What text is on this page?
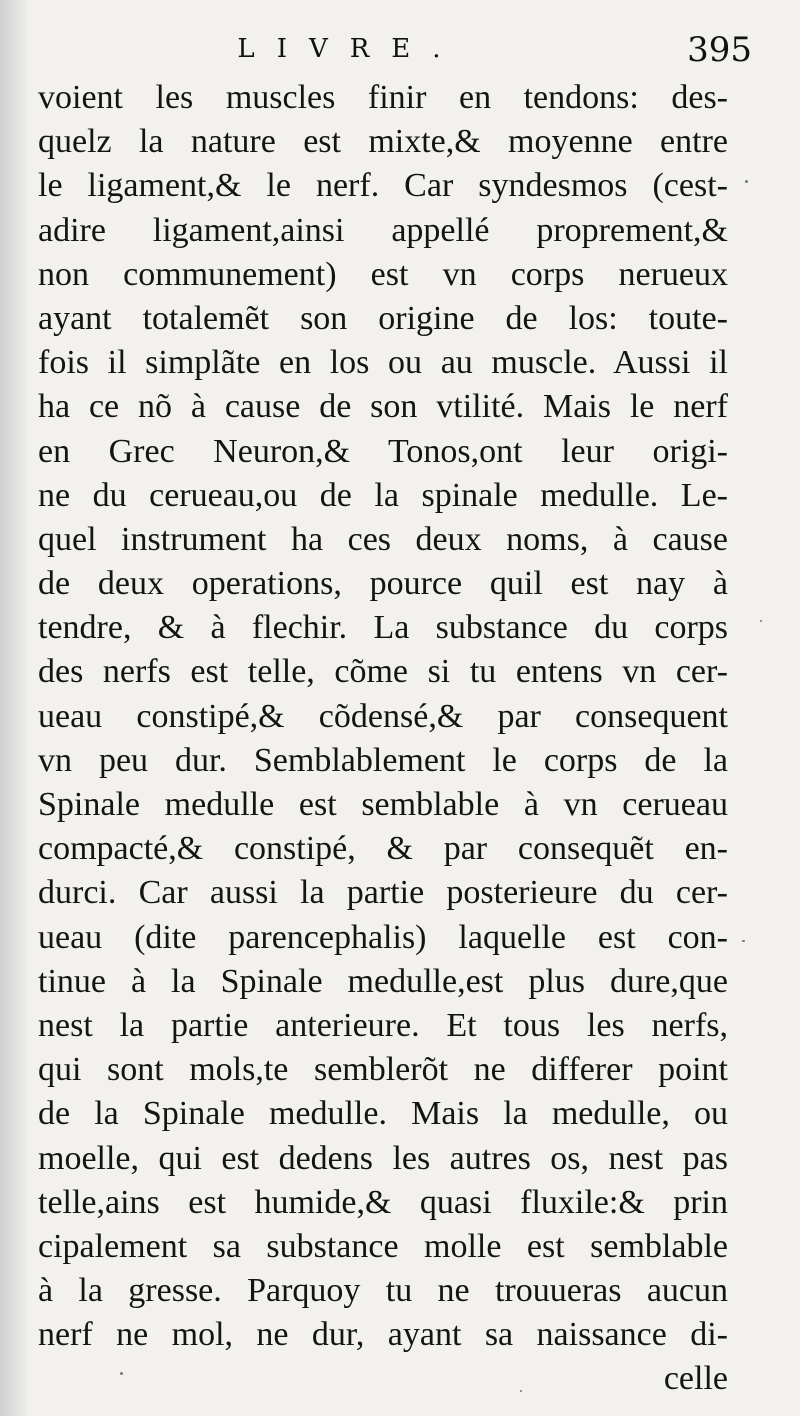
LIVRE.	395
voient les muscles finir en tendons: des-
quelz la nature est mixte,& moyenne entre
le ligament,& le nerf. Car syndesmos (cest-
adire ligament,ainsi appellé proprement,&
non communement) est vn corps nerueux
ayant totalemẽt son origine de los: toute-
fois il simplãte en los ou au muscle. Aussi il
ha ce nõ à cause de son vtilité. Mais le nerf
en Grec Neuron,& Tonos,ont leur origi-
ne du cerueau,ou de la spinale medulle. Le-
quel instrument ha ces deux noms, à cause
de deux operations, pource quil est nay à
tendre, & à flechir. La substance du corps
des nerfs est telle, cõme si tu entens vn cer-
ueau constipé,& cõdensé,& par consequent
vn peu dur. Semblablement le corps de la
Spinale medulle est semblable à vn cerueau
compacté,& constipé, & par consequẽt en-
durci. Car aussi la partie posterieure du cer-
ueau (dite parencephalis) laquelle est con-
tinue à la Spinale medulle,est plus dure,que
nest la partie anterieure. Et tous les nerfs,
qui sont mols,te semblerõt ne differer point
de la Spinale medulle. Mais la medulle, ou
moelle, qui est dedens les autres os, nest pas
telle,ains est humide,& quasi fluxile:& prin
cipalement sa substance molle est semblable
à la gresse. Parquoy tu ne trouueras aucun
nerf ne mol, ne dur, ayant sa naissance di-
celle
